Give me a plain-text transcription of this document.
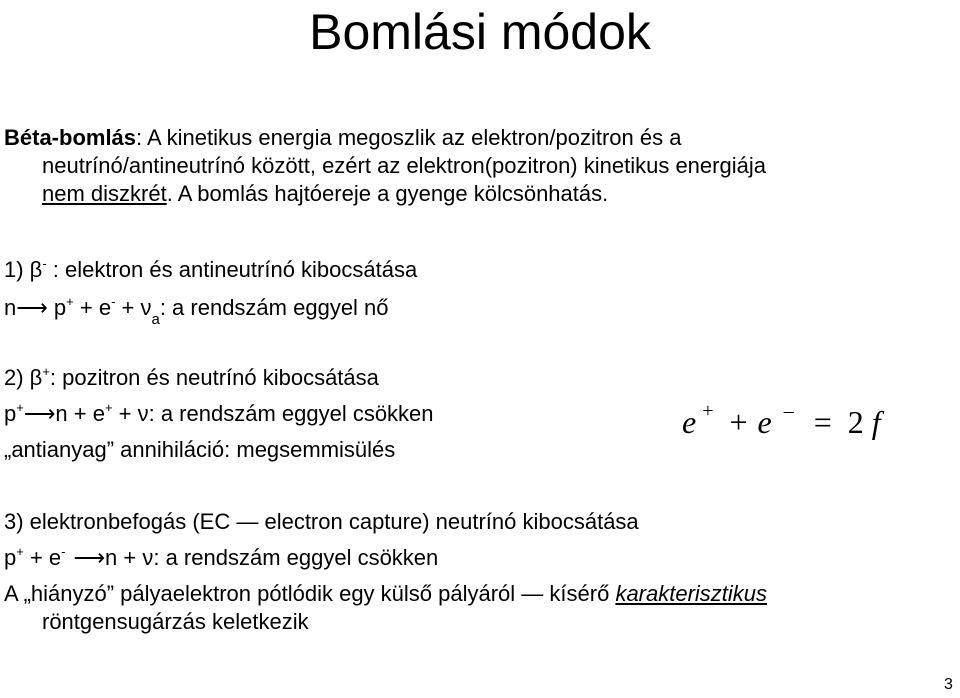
Bomlási módok
Béta-bomlás: A kinetikus energia megoszlik az elektron/pozitron és a
neutrínó/antineutrínó között, ezért az elektron(pozitron) kinetikus energiája
nem diszkrét. A bomlás hajtóereje a gyenge kölcsönhatás.
1) β- : elektron és antineutrínó kibocsátása
n⟶ $p^+ + e^- + \nu_a$: a rendszám eggyel nő
2) β+: pozitron és neutrínó kibocsátása
p+⟶n + e+ + ν: a rendszám eggyel csökken
„antianyag” annihiláció: megsemmisülés
e + + e – = 2 f
3) elektronbefogás (EC — electron capture) neutrínó kibocsátása
p+ + e- ⟶n + ν: a rendszám eggyel csökken
A „hiányzó” pályaelektron pótlódik egy külső pályáról — kísérő karakterisztikus
röntgensugárzás keletkezik
3
